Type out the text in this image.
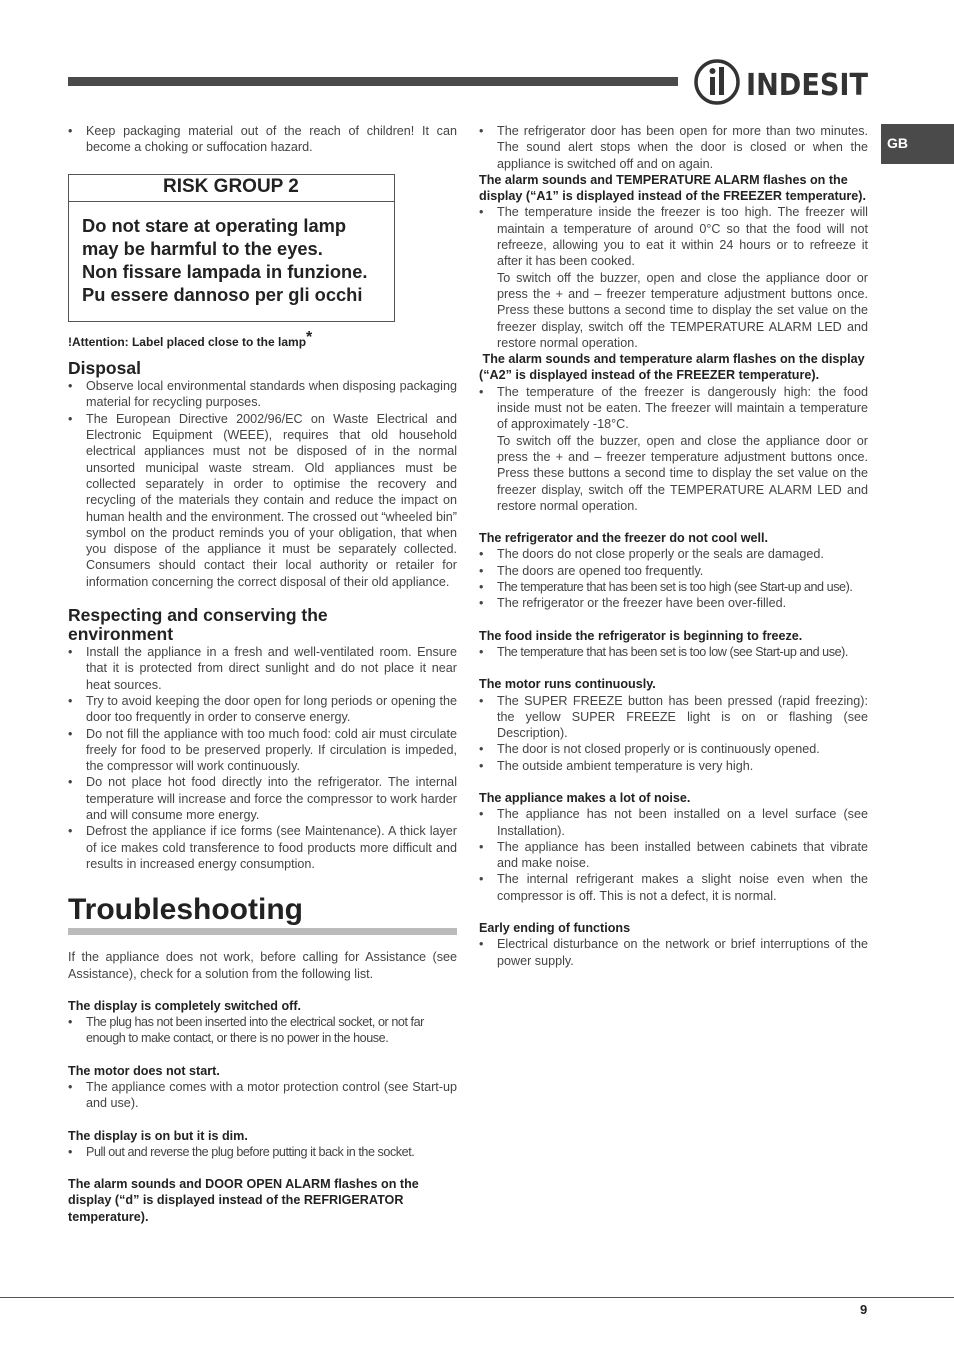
INDESIT
GB
• Keep packaging material out of the reach of children! It can become a choking or suffocation hazard.
RISK GROUP 2
Do not stare at operating lamp
may be harmful to the eyes.
Non fissare lampada in funzione.
Pu essere dannoso per gli occhi
!Attention: Label placed close to the lamp*
Disposal
• Observe local environmental standards when disposing packaging material for recycling purposes.
• The European Directive 2002/96/EC on Waste Electrical and Electronic Equipment (WEEE), requires that old household electrical appliances must not be disposed of in the normal unsorted municipal waste stream. Old appliances must be collected separately in order to optimise the recovery and recycling of the materials they contain and reduce the impact on human health and the environment. The crossed out “wheeled bin” symbol on the product reminds you of your obligation, that when you dispose of the appliance it must be separately collected. Consumers should contact their local authority or retailer for information concerning the correct disposal of their old appliance.
Respecting and conserving the
environment
• Install the appliance in a fresh and well-ventilated room. Ensure that it is protected from direct sunlight and do not place it near heat sources.
• Try to avoid keeping the door open for long periods or opening the door too frequently in order to conserve energy.
• Do not fill the appliance with too much food: cold air must circulate freely for food to be preserved properly. If circulation is impeded, the compressor will work continuously.
• Do not place hot food directly into the refrigerator. The internal temperature will increase and force the compressor to work harder and will consume more energy.
• Defrost the appliance if ice forms (see Maintenance). A thick layer of ice makes cold transference to food products more difficult and results in increased energy consumption.
Troubleshooting

If the appliance does not work, before calling for Assistance (see Assistance), check for a solution from the following list.

The display is completely switched off.
• The plug has not been inserted into the electrical socket, or not far enough to make contact, or there is no power in the house.
The motor does not start.
• The appliance comes with a motor protection control (see Start-up and use).
The display is on but it is dim.
• Pull out and reverse the plug before putting it back in the socket.
The alarm sounds and DOOR OPEN ALARM flashes on the display (“d” is displayed instead of the REFRIGERATOR temperature).
• The refrigerator door has been open for more than two minutes. The sound alert stops when the door is closed or when the appliance is switched off and on again.
The alarm sounds and TEMPERATURE ALARM flashes on the display (“A1” is displayed instead of the FREEZER temperature).
• The temperature inside the freezer is too high. The freezer will maintain a temperature of around 0°C so that the food will not refreeze, allowing you to eat it within 24 hours or to refreeze it after it has been cooked.
To switch off the buzzer, open and close the appliance door or press the + and – freezer temperature adjustment buttons once. Press these buttons a second time to display the set value on the freezer display, switch off the TEMPERATURE ALARM LED and restore normal operation.
The alarm sounds and temperature alarm flashes on the display (“A2” is displayed instead of the FREEZER temperature).
• The temperature of the freezer is dangerously high: the food inside must not be eaten. The freezer will maintain a temperature of approximately -18°C.
To switch off the buzzer, open and close the appliance door or press the + and – freezer temperature adjustment buttons once. Press these buttons a second time to display the set value on the freezer display, switch off the TEMPERATURE ALARM LED and restore normal operation.
The refrigerator and the freezer do not cool well.
• The doors do not close properly or the seals are damaged.
• The doors are opened too frequently.
• The temperature that has been set is too high (see Start-up and use).
• The refrigerator or the freezer have been over-filled.
The food inside the refrigerator is beginning to freeze.
• The temperature that has been set is too low (see Start-up and use).
The motor runs continuously.
• The SUPER FREEZE button has been pressed (rapid freezing): the yellow SUPER FREEZE light is on or flashing (see Description).
• The door is not closed properly or is continuously opened.
• The outside ambient temperature is very high.
The appliance makes a lot of noise.
• The appliance has not been installed on a level surface (see Installation).
• The appliance has been installed between cabinets that vibrate and make noise.
• The internal refrigerant makes a slight noise even when the compressor is off. This is not a defect, it is normal.
Early ending of functions
• Electrical disturbance on the network or brief interruptions of the power supply.
9
